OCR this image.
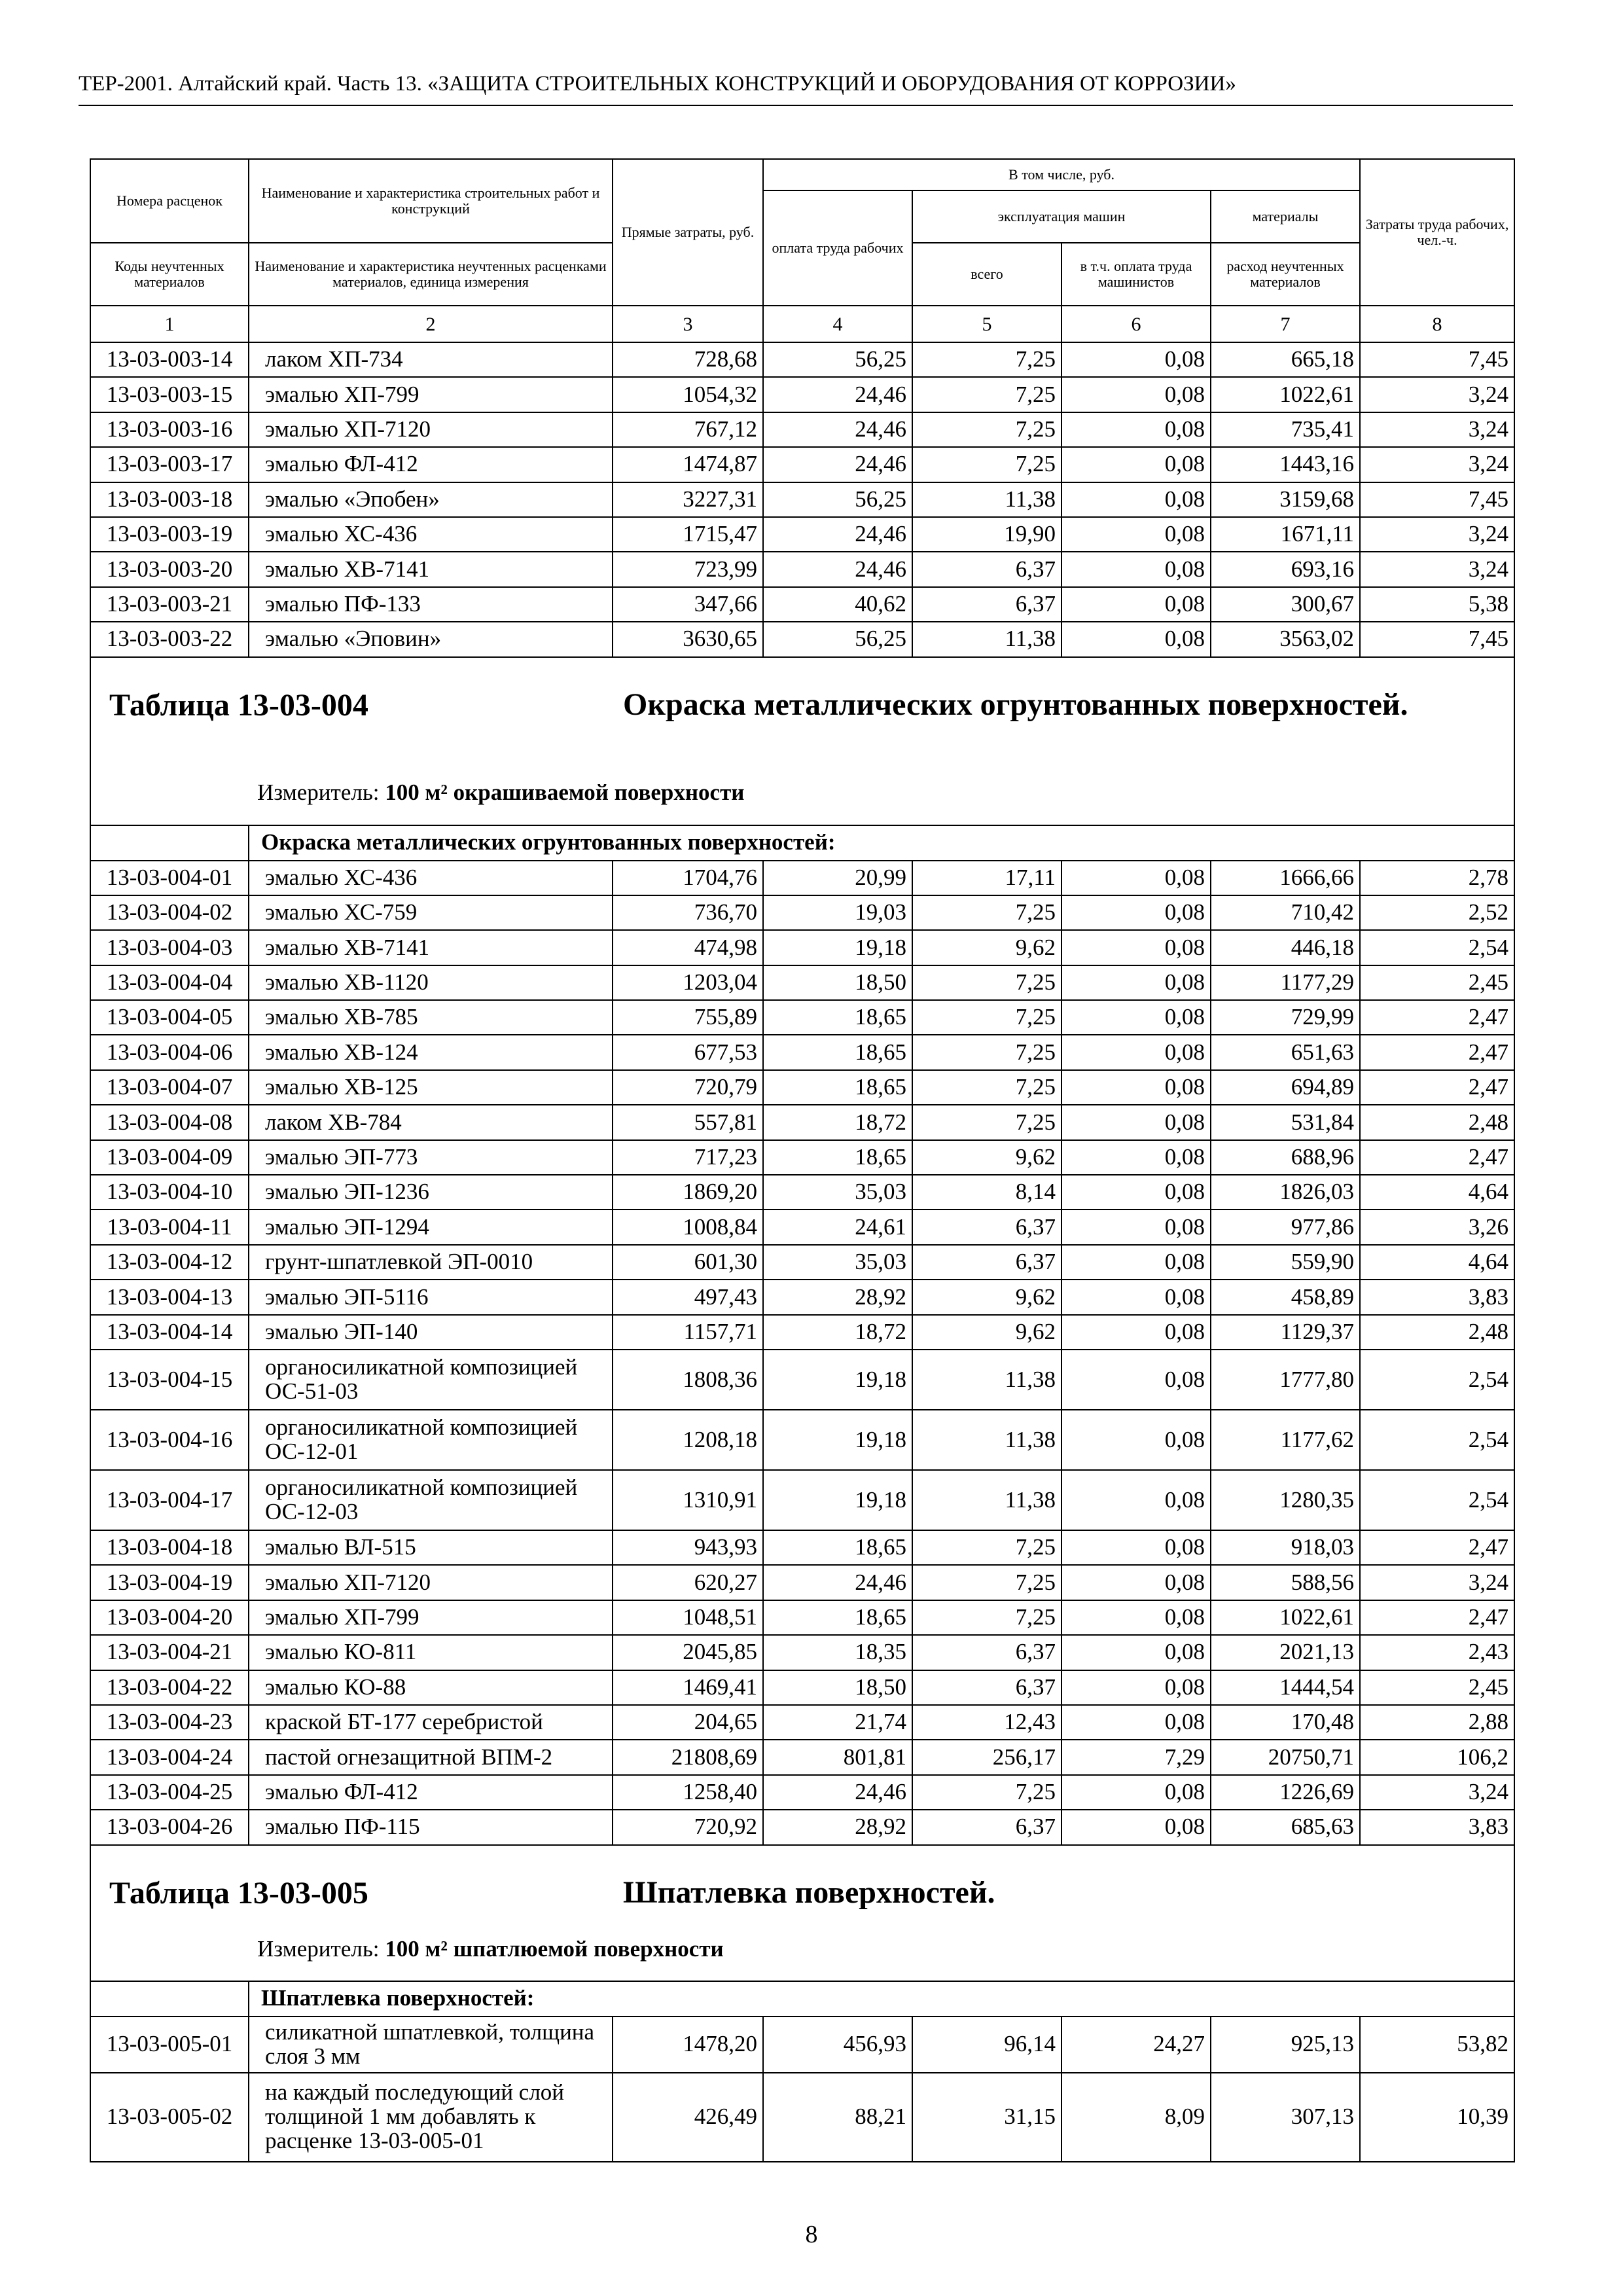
ТЕР-2001. Алтайский край. Часть 13. «ЗАЩИТА СТРОИТЕЛЬНЫХ КОНСТРУКЦИЙ И ОБОРУДОВАНИЯ ОТ КОРРОЗИИ»
Номера расценок	Наименование и характеристика строительных работ и конструкций	Прямые затраты, руб.	В том числе, руб.				Затраты труда рабочих, чел.-ч.
			оплата труда рабочих	эксплуатация машин		материалы	
Коды неучтенных материалов	Наименование и характеристика неучтенных расценками материалов, единица измерения			всего	в т.ч. оплата труда машинистов	расход неучтенных материалов	
1	2	3	4	5	6	7	8
13-03-003-14	лаком ХП-734	728,68	56,25	7,25	0,08	665,18	7,45
13-03-003-15	эмалью ХП-799	1054,32	24,46	7,25	0,08	1022,61	3,24
13-03-003-16	эмалью ХП-7120	767,12	24,46	7,25	0,08	735,41	3,24
13-03-003-17	эмалью ФЛ-412	1474,87	24,46	7,25	0,08	1443,16	3,24
13-03-003-18	эмалью «Эпобен»	3227,31	56,25	11,38	0,08	3159,68	7,45
13-03-003-19	эмалью ХС-436	1715,47	24,46	19,90	0,08	1671,11	3,24
13-03-003-20	эмалью ХВ-7141	723,99	24,46	6,37	0,08	693,16	3,24
13-03-003-21	эмалью ПФ-133	347,66	40,62	6,37	0,08	300,67	5,38
13-03-003-22	эмалью «Эповин»	3630,65	56,25	11,38	0,08	3563,02	7,45

Таблица 13-03-004 Окраска металлических огрунтованных поверхностей.
Измеритель: 100 м² окрашиваемой поверхности							

	Окраска металлических огрунтованных поверхностей:						
13-03-004-01	эмалью ХС-436	1704,76	20,99	17,11	0,08	1666,66	2,78
13-03-004-02	эмалью ХС-759	736,70	19,03	7,25	0,08	710,42	2,52
13-03-004-03	эмалью ХВ-7141	474,98	19,18	9,62	0,08	446,18	2,54
13-03-004-04	эмалью ХВ-1120	1203,04	18,50	7,25	0,08	1177,29	2,45
13-03-004-05	эмалью ХВ-785	755,89	18,65	7,25	0,08	729,99	2,47
13-03-004-06	эмалью ХВ-124	677,53	18,65	7,25	0,08	651,63	2,47
13-03-004-07	эмалью ХВ-125	720,79	18,65	7,25	0,08	694,89	2,47
13-03-004-08	лаком ХВ-784	557,81	18,72	7,25	0,08	531,84	2,48
13-03-004-09	эмалью ЭП-773	717,23	18,65	9,62	0,08	688,96	2,47
13-03-004-10	эмалью ЭП-1236	1869,20	35,03	8,14	0,08	1826,03	4,64
13-03-004-11	эмалью ЭП-1294	1008,84	24,61	6,37	0,08	977,86	3,26
13-03-004-12	грунт-шпатлевкой ЭП-0010	601,30	35,03	6,37	0,08	559,90	4,64
13-03-004-13	эмалью ЭП-5116	497,43	28,92	9,62	0,08	458,89	3,83
13-03-004-14	эмалью ЭП-140	1157,71	18,72	9,62	0,08	1129,37	2,48
13-03-004-15	органосиликатной композицией ОС-51-03	1808,36	19,18	11,38	0,08	1777,80	2,54
13-03-004-16	органосиликатной композицией ОС-12-01	1208,18	19,18	11,38	0,08	1177,62	2,54
13-03-004-17	органосиликатной композицией ОС-12-03	1310,91	19,18	11,38	0,08	1280,35	2,54
13-03-004-18	эмалью ВЛ-515	943,93	18,65	7,25	0,08	918,03	2,47
13-03-004-19	эмалью ХП-7120	620,27	24,46	7,25	0,08	588,56	3,24
13-03-004-20	эмалью ХП-799	1048,51	18,65	7,25	0,08	1022,61	2,47
13-03-004-21	эмалью КО-811	2045,85	18,35	6,37	0,08	2021,13	2,43
13-03-004-22	эмалью КО-88	1469,41	18,50	6,37	0,08	1444,54	2,45
13-03-004-23	краской БТ-177 серебристой	204,65	21,74	12,43	0,08	170,48	2,88
13-03-004-24	пастой огнезащитной ВПМ-2	21808,69	801,81	256,17	7,29	20750,71	106,2
13-03-004-25	эмалью ФЛ-412	1258,40	24,46	7,25	0,08	1226,69	3,24
13-03-004-26	эмалью ПФ-115	720,92	28,92	6,37	0,08	685,63	3,83

Таблица 13-03-005 Шпатлевка поверхностей.
Измеритель: 100 м² шпатлюемой поверхности							

	Шпатлевка поверхностей:						
13-03-005-01	силикатной шпатлевкой, толщина слоя 3 мм	1478,20	456,93	96,14	24,27	925,13	53,82
13-03-005-02	на каждый последующий слой толщиной 1 мм добавлять к расценке 13-03-005-01	426,49	88,21	31,15	8,09	307,13	10,39
8
